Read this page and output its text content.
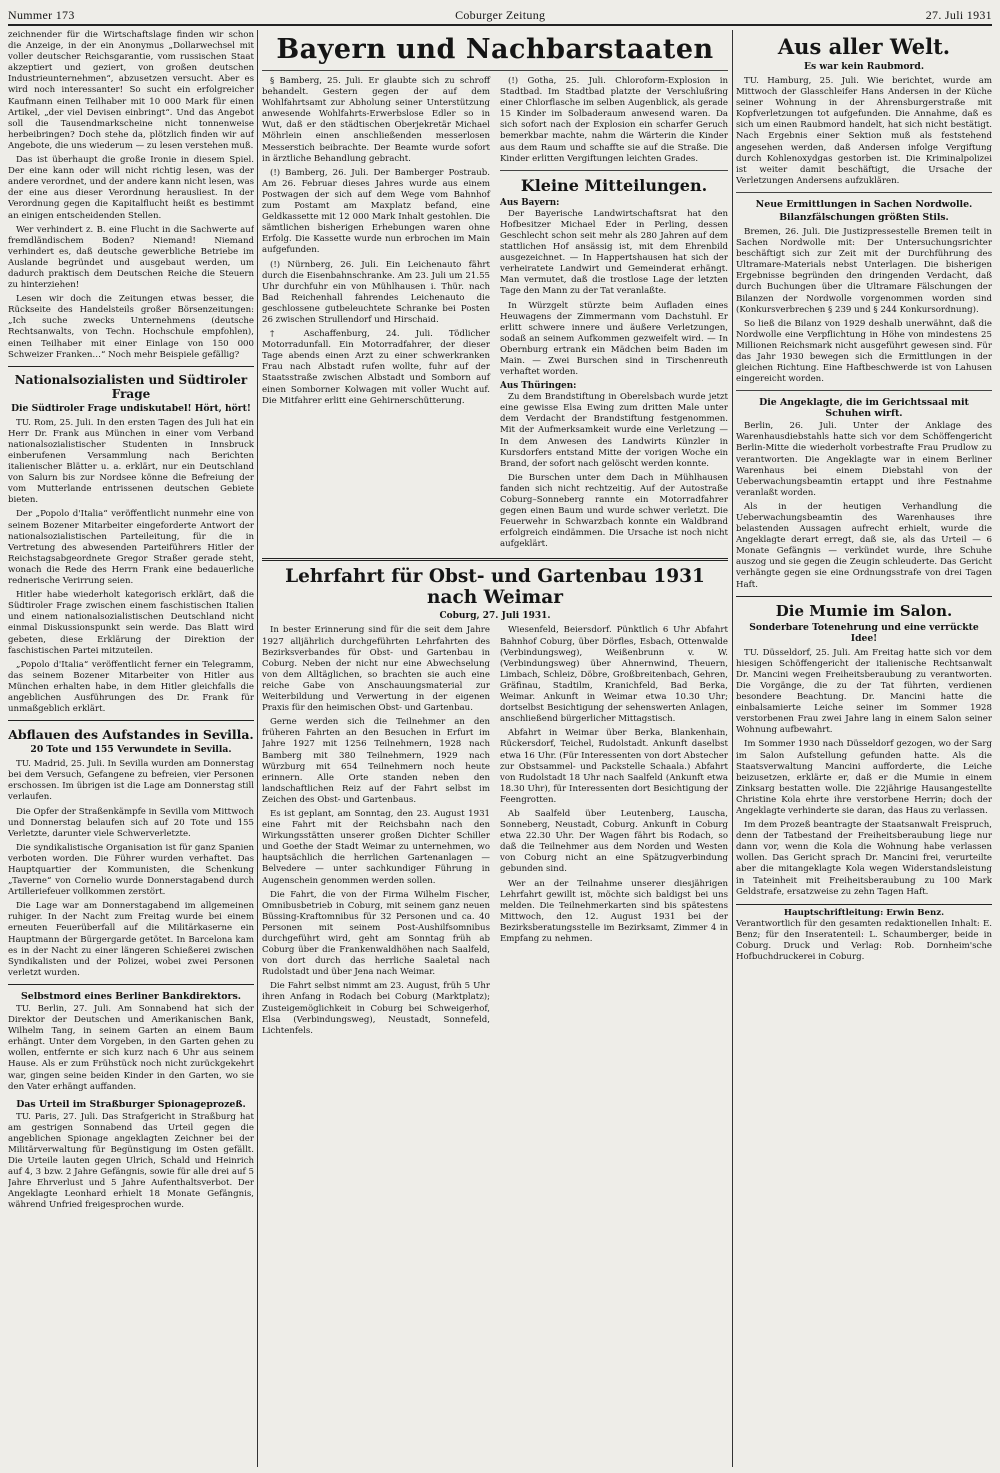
Nummer 173	Coburger Zeitung	27. Juli 1931

zeichnender für die Wirtschaftslage finden wir schon die Anzeige, in der ein Anonymus „Dollarwechsel mit voller deutscher Reichsgarantie, vom russischen Staat akzeptiert und geziert, von großen deutschen Industrieunternehmen“, abzusetzen versucht. Aber es wird noch interessanter! So sucht ein erfolgreicher Kaufmann einen Teilhaber mit 10 000 Mark für einen Artikel, „der viel Devisen einbringt“. Und das Angebot soll die Tausendmarkscheine nicht tonnenweise herbeibringen? Doch stehe da, plötzlich finden wir auf Angebote, die uns wiederum — zu lesen verstehen muß.

Das ist überhaupt die große Ironie in diesem Spiel. Der eine kann oder will nicht richtig lesen, was der andere verordnet, und der andere kann nicht lesen, was der eine aus dieser Verordnung herausliest. In der Verordnung gegen die Kapitalflucht heißt es bestimmt an einigen entscheidenden Stellen.

Wer verhindert z. B. eine Flucht in die Sachwerte auf fremdländischem Boden? Niemand! Niemand verhindert es, daß deutsche gewerbliche Betriebe im Auslande begründet und ausgebaut werden, um dadurch praktisch dem Deutschen Reiche die Steuern zu hinterziehen!

Lesen wir doch die Zeitungen etwas besser, die Rückseite des Handelsteils großer Börsenzeitungen: „Ich suche zwecks Unternehmens (deutsche Rechtsanwalts, von Techn. Hochschule empfohlen), einen Teilhaber mit einer Einlage von 150 000 Schweizer Franken…“ Noch mehr Beispiele gefällig?

Nationalsozialisten und Südtiroler Frage
Die Südtiroler Frage undiskutabel! Hört, hört!

TU. Rom, 25. Juli. In den ersten Tagen des Juli hat ein Herr Dr. Frank aus München in einer vom Verband nationalsozialistischer Studenten in Innsbruck einberufenen Versammlung nach Berichten italienischer Blätter u. a. erklärt, nur ein Deutschland von Salurn bis zur Nordsee könne die Befreiung der vom Mutterlande entrissenen deutschen Gebiete bieten.

Der „Popolo d'Italia“ veröffentlicht nunmehr eine von seinem Bozener Mitarbeiter eingeforderte Antwort der nationalsozialistischen Parteileitung, für die in Vertretung des abwesenden Parteiführers Hitler der Reichstagsabgeordnete Gregor Straßer gerade steht, wonach die Rede des Herrn Frank eine bedauerliche rednerische Verirrung seien.

Hitler habe wiederholt kategorisch erklärt, daß die Südtiroler Frage zwischen einem faschistischen Italien und einem nationalsozialistischen Deutschland nicht einmal Diskussionspunkt sein werde. Das Blatt wird gebeten, diese Erklärung der Direktion der faschistischen Partei mitzuteilen.

„Popolo d'Italia“ veröffentlicht ferner ein Telegramm, das seinem Bozener Mitarbeiter von Hitler aus München erhalten habe, in dem Hitler gleichfalls die angeblichen Ausführungen des Dr. Frank für unmaßgeblich erklärt.

Abflauen des Aufstandes in Sevilla.
20 Tote und 155 Verwundete in Sevilla.

TU. Madrid, 25. Juli. In Sevilla wurden am Donnerstag bei dem Versuch, Gefangene zu befreien, vier Personen erschossen. Im übrigen ist die Lage am Donnerstag still verlaufen.

Die Opfer der Straßenkämpfe in Sevilla vom Mittwoch und Donnerstag belaufen sich auf 20 Tote und 155 Verletzte, darunter viele Schwerverletzte.

Die syndikalistische Organisation ist für ganz Spanien verboten worden. Die Führer wurden verhaftet. Das Hauptquartier der Kommunisten, die Schenkung „Taverne“ von Cornelio wurde Donnerstagabend durch Artilleriefeuer vollkommen zerstört.

Die Lage war am Donnerstagabend im allgemeinen ruhiger. In der Nacht zum Freitag wurde bei einem erneuten Feuerüberfall auf die Militärkaserne ein Hauptmann der Bürgergarde getötet. In Barcelona kam es in der Nacht zu einer längeren Schießerei zwischen Syndikalisten und der Polizei, wobei zwei Personen verletzt wurden.

Selbstmord eines Berliner Bankdirektors.

TU. Berlin, 27. Juli. Am Sonnabend hat sich der Direktor der Deutschen und Amerikanischen Bank, Wilhelm Tang, in seinem Garten an einem Baum erhängt. Unter dem Vorgeben, in den Garten gehen zu wollen, entfernte er sich kurz nach 6 Uhr aus seinem Hause. Als er zum Frühstück noch nicht zurückgekehrt war, gingen seine beiden Kinder in den Garten, wo sie den Vater erhängt auffanden.

Das Urteil im Straßburger Spionageprozeß.

TU. Paris, 27. Juli. Das Strafgericht in Straßburg hat am gestrigen Sonnabend das Urteil gegen die angeblichen Spionage angeklagten Zeichner bei der Militärverwaltung für Begünstigung im Osten gefällt. Die Urteile lauten gegen Ulrich, Schald und Heinrich auf 4, 3 bzw. 2 Jahre Gefängnis, sowie für alle drei auf 5 Jahre Ehrverlust und 5 Jahre Aufenthaltsverbot. Der Angeklagte Leonhard erhielt 18 Monate Gefängnis, während Unfried freigesprochen wurde.

Bayern und Nachbarstaaten

§ Bamberg, 25. Juli. Er glaubte sich zu schroff behandelt. Gestern gegen der auf dem Wohlfahrtsamt zur Abholung seiner Unterstützung anwesende Wohlfahrts-Erwerbslose Edler so in Wut, daß er den städtischen Oberjekretär Michael Möhrlein einen anschließenden messerlosen Messerstich beibrachte. Der Beamte wurde sofort in ärztliche Behandlung gebracht.

(!) Bamberg, 26. Juli. Der Bamberger Postraub. Am 26. Februar dieses Jahres wurde aus einem Postwagen der sich auf dem Wege vom Bahnhof zum Postamt am Maxplatz befand, eine Geldkassette mit 12 000 Mark Inhalt gestohlen. Die sämtlichen bisherigen Erhebungen waren ohne Erfolg. Die Kassette wurde nun erbrochen im Main aufgefunden.

(!) Nürnberg, 26. Juli. Ein Leichenauto fährt durch die Eisenbahnschranke. Am 23. Juli um 21.55 Uhr durchfuhr ein von Mühlhausen i. Thür. nach Bad Reichenhall fahrendes Leichenauto die geschlossene gutbeleuchtete Schranke bei Posten 26 zwischen Strullendorf und Hirschaid.

† Aschaffenburg, 24. Juli. Tödlicher Motorradunfall. Ein Motorradfahrer, der dieser Tage abends einen Arzt zu einer schwerkranken Frau nach Albstadt rufen wollte, fuhr auf der Staatsstraße zwischen Albstadt und Somborn auf einen Somborner Kolwagen mit voller Wucht auf. Die Mitfahrer erlitt eine Gehirnerschütterung.

(!) Gotha, 25. Juli. Chloroform-Explosion in Stadtbad. Im Stadtbad platzte der Verschlußring einer Chlorflasche im selben Augenblick, als gerade 15 Kinder im Solbaderaum anwesend waren. Da sich sofort nach der Explosion ein scharfer Geruch bemerkbar machte, nahm die Wärterin die Kinder aus dem Raum und schaffte sie auf die Straße. Die Kinder erlitten Vergiftungen leichten Grades.

Kleine Mitteilungen.
Aus Bayern:

Der Bayerische Landwirtschaftsrat hat den Hofbesitzer Michael Eder in Perling, dessen Geschlecht schon seit mehr als 280 Jahren auf dem stattlichen Hof ansässig ist, mit dem Ehrenbild ausgezeichnet. — In Happertshausen hat sich der verheiratete Landwirt und Gemeinderat erhängt. Man vermutet, daß die trostlose Lage der letzten Tage den Mann zu der Tat veranlaßte.

In Würzgelt stürzte beim Aufladen eines Heuwagens der Zimmermann vom Dachstuhl. Er erlitt schwere innere und äußere Verletzungen, sodaß an seinem Aufkommen gezweifelt wird. — In Obernburg ertrank ein Mädchen beim Baden im Main. — Zwei Burschen sind in Tirschenreuth verhaftet worden.

Aus Thüringen:

Zu dem Brandstiftung in Oberelsbach wurde jetzt eine gewisse Elsa Ewing zum dritten Male unter dem Verdacht der Brandstiftung festgenommen. Mit der Aufmerksamkeit wurde eine Verletzung — In dem Anwesen des Landwirts Künzler in Kursdorfers entstand Mitte der vorigen Woche ein Brand, der sofort nach gelöscht werden konnte.

Die Burschen unter dem Dach in Mühlhausen fanden sich nicht rechtzeitig. Auf der Autostraße Coburg–Sonneberg rannte ein Motorradfahrer gegen einen Baum und wurde schwer verletzt. Die Feuerwehr in Schwarzbach konnte ein Waldbrand erfolgreich eindämmen. Die Ursache ist noch nicht aufgeklärt.

Lehrfahrt für Obst- und Gartenbau 1931 nach Weimar
Coburg, 27. Juli 1931.

In bester Erinnerung sind für die seit dem Jahre 1927 alljährlich durchgeführten Lehrfahrten des Bezirksverbandes für Obst- und Gartenbau in Coburg. Neben der nicht nur eine Abwechselung von dem Alltäglichen, so brachten sie auch eine reiche Gabe von Anschauungsmaterial zur Weiterbildung und Verwertung in der eigenen Praxis für den heimischen Obst- und Gartenbau.

Gerne werden sich die Teilnehmer an den früheren Fahrten an den Besuchen in Erfurt im Jahre 1927 mit 1256 Teilnehmern, 1928 nach Bamberg mit 380 Teilnehmern, 1929 nach Würzburg mit 654 Teilnehmern noch heute erinnern. Alle Orte standen neben den landschaftlichen Reiz auf der Fahrt selbst im Zeichen des Obst- und Gartenbaus.

Es ist geplant, am Sonntag, den 23. August 1931 eine Fahrt mit der Reichsbahn nach den Wirkungsstätten unserer großen Dichter Schiller und Goethe der Stadt Weimar zu unternehmen, wo hauptsächlich die herrlichen Gartenanlagen — Belvedere — unter sachkundiger Führung in Augenschein genommen werden sollen.

Die Fahrt, die von der Firma Wilhelm Fischer, Omnibusbetrieb in Coburg, mit seinem ganz neuen Büssing-Kraftomnibus für 32 Personen und ca. 40 Personen mit seinem Post-Aushilfsomnibus durchgeführt wird, geht am Sonntag früh ab Coburg über die Frankenwaldhöhen nach Saalfeld, von dort durch das herrliche Saaletal nach Rudolstadt und über Jena nach Weimar.

Die Fahrt selbst nimmt am 23. August, früh 5 Uhr ihren Anfang in Rodach bei Coburg (Marktplatz); Zusteigemöglichkeit in Coburg bei Schweigerhof, Elsa (Verbindungsweg), Neustadt, Sonnefeld, Lichtenfels.

Wiesenfeld, Beiersdorf. Pünktlich 6 Uhr Abfahrt Bahnhof Coburg, über Dörfles, Esbach, Ottenwalde (Verbindungsweg), Weißenbrunn v. W. (Verbindungsweg) über Ahnernwind, Theuern, Limbach, Schleiz, Döbre, Großbreitenbach, Gehren, Gräfinau, Stadtilm, Kranichfeld, Bad Berka, Weimar. Ankunft in Weimar etwa 10.30 Uhr; dortselbst Besichtigung der sehenswerten Anlagen, anschließend bürgerlicher Mittagstisch.

Abfahrt in Weimar über Berka, Blankenhain, Rückersdorf, Teichel, Rudolstadt. Ankunft daselbst etwa 16 Uhr. (Für Interessenten von dort Abstecher zur Obstsammel- und Packstelle Schaala.) Abfahrt von Rudolstadt 18 Uhr nach Saalfeld (Ankunft etwa 18.30 Uhr), für Interessenten dort Besichtigung der Feengrotten.

Ab Saalfeld über Leutenberg, Lauscha, Sonneberg, Neustadt, Coburg. Ankunft in Coburg etwa 22.30 Uhr. Der Wagen fährt bis Rodach, so daß die Teilnehmer aus dem Norden und Westen von Coburg nicht an eine Spätzugverbindung gebunden sind.

Wer an der Teilnahme unserer diesjährigen Lehrfahrt gewillt ist, möchte sich baldigst bei uns melden. Die Teilnehmerkarten sind bis spätestens Mittwoch, den 12. August 1931 bei der Bezirksberatungsstelle im Bezirksamt, Zimmer 4 in Empfang zu nehmen.

Aus aller Welt.
Es war kein Raubmord.

TU. Hamburg, 25. Juli. Wie berichtet, wurde am Mittwoch der Glasschleifer Hans Andersen in der Küche seiner Wohnung in der Ahrensburgerstraße mit Kopfverletzungen tot aufgefunden. Die Annahme, daß es sich um einen Raubmord handelt, hat sich nicht bestätigt. Nach Ergebnis einer Sektion muß als feststehend angesehen werden, daß Andersen infolge Vergiftung durch Kohlenoxydgas gestorben ist. Die Kriminalpolizei ist weiter damit beschäftigt, die Ursache der Verletzungen Andersens aufzuklären.

Neue Ermittlungen in Sachen Nordwolle.
Bilanzfälschungen größten Stils.

Bremen, 26. Juli. Die Justizpressestelle Bremen teilt in Sachen Nordwolle mit: Der Untersuchungsrichter beschäftigt sich zur Zeit mit der Durchführung des Ultramare-Materials nebst Unterlagen. Die bisherigen Ergebnisse begründen den dringenden Verdacht, daß durch Buchungen über die Ultramare Fälschungen der Bilanzen der Nordwolle vorgenommen worden sind (Konkursverbrechen § 239 und § 244 Konkursordnung).

So ließ die Bilanz von 1929 deshalb unerwähnt, daß die Nordwolle eine Verpflichtung in Höhe von mindestens 25 Millionen Reichsmark nicht ausgeführt gewesen sind. Für das Jahr 1930 bewegen sich die Ermittlungen in der gleichen Richtung. Eine Haftbeschwerde ist von Lahusen eingereicht worden.

Die Angeklagte, die im Gerichtssaal mit Schuhen wirft.

Berlin, 26. Juli. Unter der Anklage des Warenhausdiebstahls hatte sich vor dem Schöffengericht Berlin-Mitte die wiederholt vorbestrafte Frau Prudlow zu verantworten. Die Angeklagte war in einem Berliner Warenhaus bei einem Diebstahl von der Ueberwachungsbeamtin ertappt und ihre Festnahme veranlaßt worden.

Als in der heutigen Verhandlung die Ueberwachungsbeamtin des Warenhauses ihre belastenden Aussagen aufrecht erhielt, wurde die Angeklagte derart erregt, daß sie, als das Urteil — 6 Monate Gefängnis — verkündet wurde, ihre Schuhe auszog und sie gegen die Zeugin schleuderte. Das Gericht verhängte gegen sie eine Ordnungsstrafe von drei Tagen Haft.

Die Mumie im Salon.
Sonderbare Totenehrung und eine verrückte Idee!

TU. Düsseldorf, 25. Juli. Am Freitag hatte sich vor dem hiesigen Schöffengericht der italienische Rechtsanwalt Dr. Mancini wegen Freiheitsberaubung zu verantworten. Die Vorgänge, die zu der Tat führten, verdienen besondere Beachtung. Dr. Mancini hatte die einbalsamierte Leiche seiner im Sommer 1928 verstorbenen Frau zwei Jahre lang in einem Salon seiner Wohnung aufbewahrt.

Im Sommer 1930 nach Düsseldorf gezogen, wo der Sarg im Salon Aufstellung gefunden hatte. Als die Staatsverwaltung Mancini aufforderte, die Leiche beizusetzen, erklärte er, daß er die Mumie in einem Zinksarg bestatten wolle. Die 22jährige Hausangestellte Christine Kola ehrte ihre verstorbene Herrin; doch der Angeklagte verhinderte sie daran, das Haus zu verlassen.

Im dem Prozeß beantragte der Staatsanwalt Freispruch, denn der Tatbestand der Freiheitsberaubung liege nur dann vor, wenn die Kola die Wohnung habe verlassen wollen. Das Gericht sprach Dr. Mancini frei, verurteilte aber die mitangeklagte Kola wegen Widerstandsleistung in Tateinheit mit Freiheitsberaubung zu 100 Mark Geldstrafe, ersatzweise zu zehn Tagen Haft.

Hauptschriftleitung: Erwin Benz.
Verantwortlich für den gesamten redaktionellen Inhalt: E. Benz; für den Inseratenteil: L. Schaumberger, beide in Coburg. Druck und Verlag: Rob. Dornheim'sche Hofbuchdruckerei in Coburg.
